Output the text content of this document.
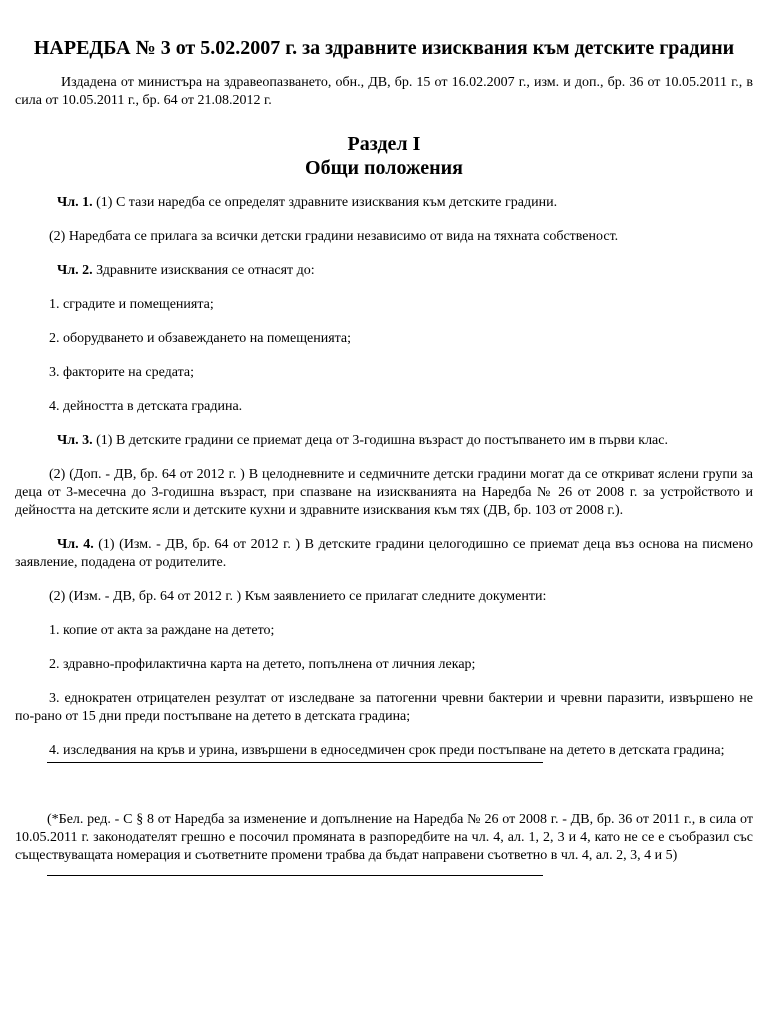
НАРЕДБА № 3 от 5.02.2007 г. за здравните изисквания към детските градини
Издадена от министъра на здравеопазването, обн., ДВ, бр. 15 от 16.02.2007 г., изм. и доп., бр. 36 от 10.05.2011 г., в сила от 10.05.2011 г., бр. 64 от 21.08.2012 г.
Раздел I
Общи положения
Чл. 1. (1) С тази наредба се определят здравните изисквания към детските градини.
(2) Наредбата се прилага за всички детски градини независимо от вида на тяхната собственост.
Чл. 2. Здравните изисквания се отнасят до:
1. сградите и помещенията;
2. оборудването и обзавеждането на помещенията;
3. факторите на средата;
4. дейността в детската градина.
Чл. 3. (1) В детските градини се приемат деца от 3-годишна възраст до постъпването им в първи клас.
(2) (Доп. - ДВ, бр. 64 от 2012 г. ) В целодневните и седмичните детски градини могат да се откриват яслени групи за деца от 3-месечна до 3-годишна възраст, при спазване на изискванията на Наредба № 26 от 2008 г. за устройството и дейността на детските ясли и детските кухни и здравните изисквания към тях (ДВ, бр. 103 от 2008 г.).
Чл. 4. (1) (Изм. - ДВ, бр. 64 от 2012 г. ) В детските градини целогодишно се приемат деца въз основа на писмено заявление, подадена от родителите.
(2) (Изм. - ДВ, бр. 64 от 2012 г. ) Към заявлението се прилагат следните документи:
1. копие от акта за раждане на детето;
2. здравно-профилактична карта на детето, попълнена от личния лекар;
3. еднократен отрицателен резултат от изследване за патогенни чревни бактерии и чревни паразити, извършено не по-рано от 15 дни преди постъпване на детето в детската градина;
4. изследвания на кръв и урина, извършени в едноседмичен срок преди постъпване на детето в детската градина;
(*Бел. ред. - С § 8 от Наредба за изменение и допълнение на Наредба № 26 от 2008 г. - ДВ, бр. 36 от 2011 г., в сила от 10.05.2011 г. законодателят грешно е посочил промяната в разпоредбите на чл. 4, ал. 1, 2, 3 и 4, като не се е съобразил със съществуващата номерация и съответните промени трабва да бъдат направени съответно в чл. 4, ал. 2, 3, 4 и 5)
